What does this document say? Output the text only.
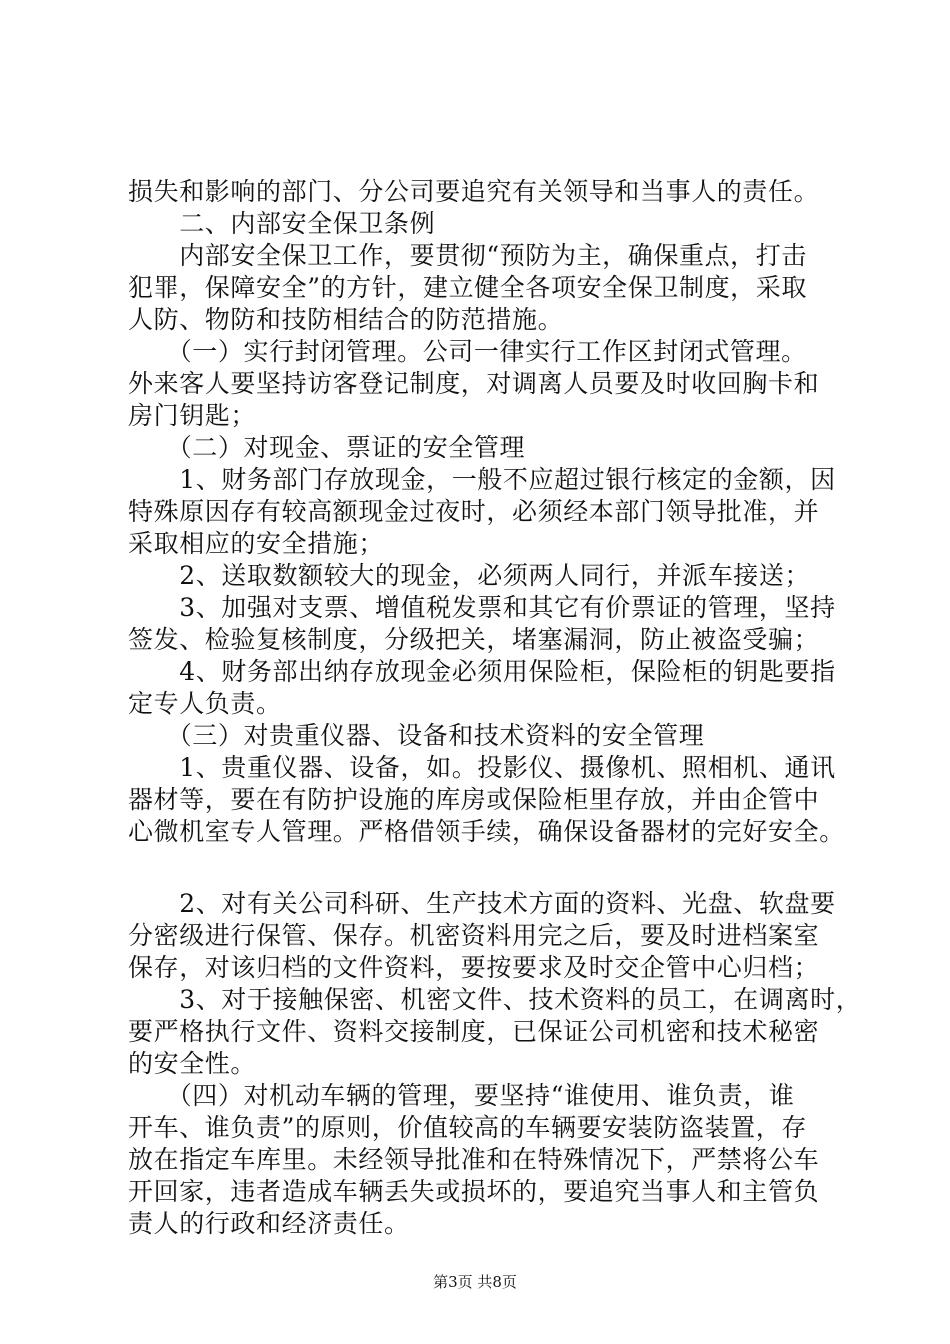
损失和影响的部门、分公司要追究有关领导和当事人的责任。
　　二、内部安全保卫条例
　　内部安全保卫工作，要贯彻“预防为主，确保重点，打击
犯罪，保障安全”的方针，建立健全各项安全保卫制度，采取
人防、物防和技防相结合的防范措施。
　　（一）实行封闭管理。公司一律实行工作区封闭式管理。
外来客人要坚持访客登记制度，对调离人员要及时收回胸卡和
房门钥匙；
　　（二）对现金、票证的安全管理
　　1、财务部门存放现金，一般不应超过银行核定的金额，因
特殊原因存有较高额现金过夜时，必须经本部门领导批准，并
采取相应的安全措施；
　　2、送取数额较大的现金，必须两人同行，并派车接送；
　　3、加强对支票、增值税发票和其它有价票证的管理，坚持
签发、检验复核制度，分级把关，堵塞漏洞，防止被盗受骗；
　　4、财务部出纳存放现金必须用保险柜，保险柜的钥匙要指
定专人负责。
　　（三）对贵重仪器、设备和技术资料的安全管理
　　1、贵重仪器、设备，如。投影仪、摄像机、照相机、通讯
器材等，要在有防护设施的库房或保险柜里存放，并由企管中
心微机室专人管理。严格借领手续，确保设备器材的完好安全。
　　2、对有关公司科研、生产技术方面的资料、光盘、软盘要
分密级进行保管、保存。机密资料用完之后，要及时进档案室
保存，对该归档的文件资料，要按要求及时交企管中心归档；
　　3、对于接触保密、机密文件、技术资料的员工，在调离时，
要严格执行文件、资料交接制度，已保证公司机密和技术秘密
的安全性。
　　（四）对机动车辆的管理，要坚持“谁使用、谁负责，谁
开车、谁负责”的原则，价值较高的车辆要安装防盗装置，存
放在指定车库里。未经领导批准和在特殊情况下，严禁将公车
开回家，违者造成车辆丢失或损坏的，要追究当事人和主管负
责人的行政和经济责任。
第3页 共8页
